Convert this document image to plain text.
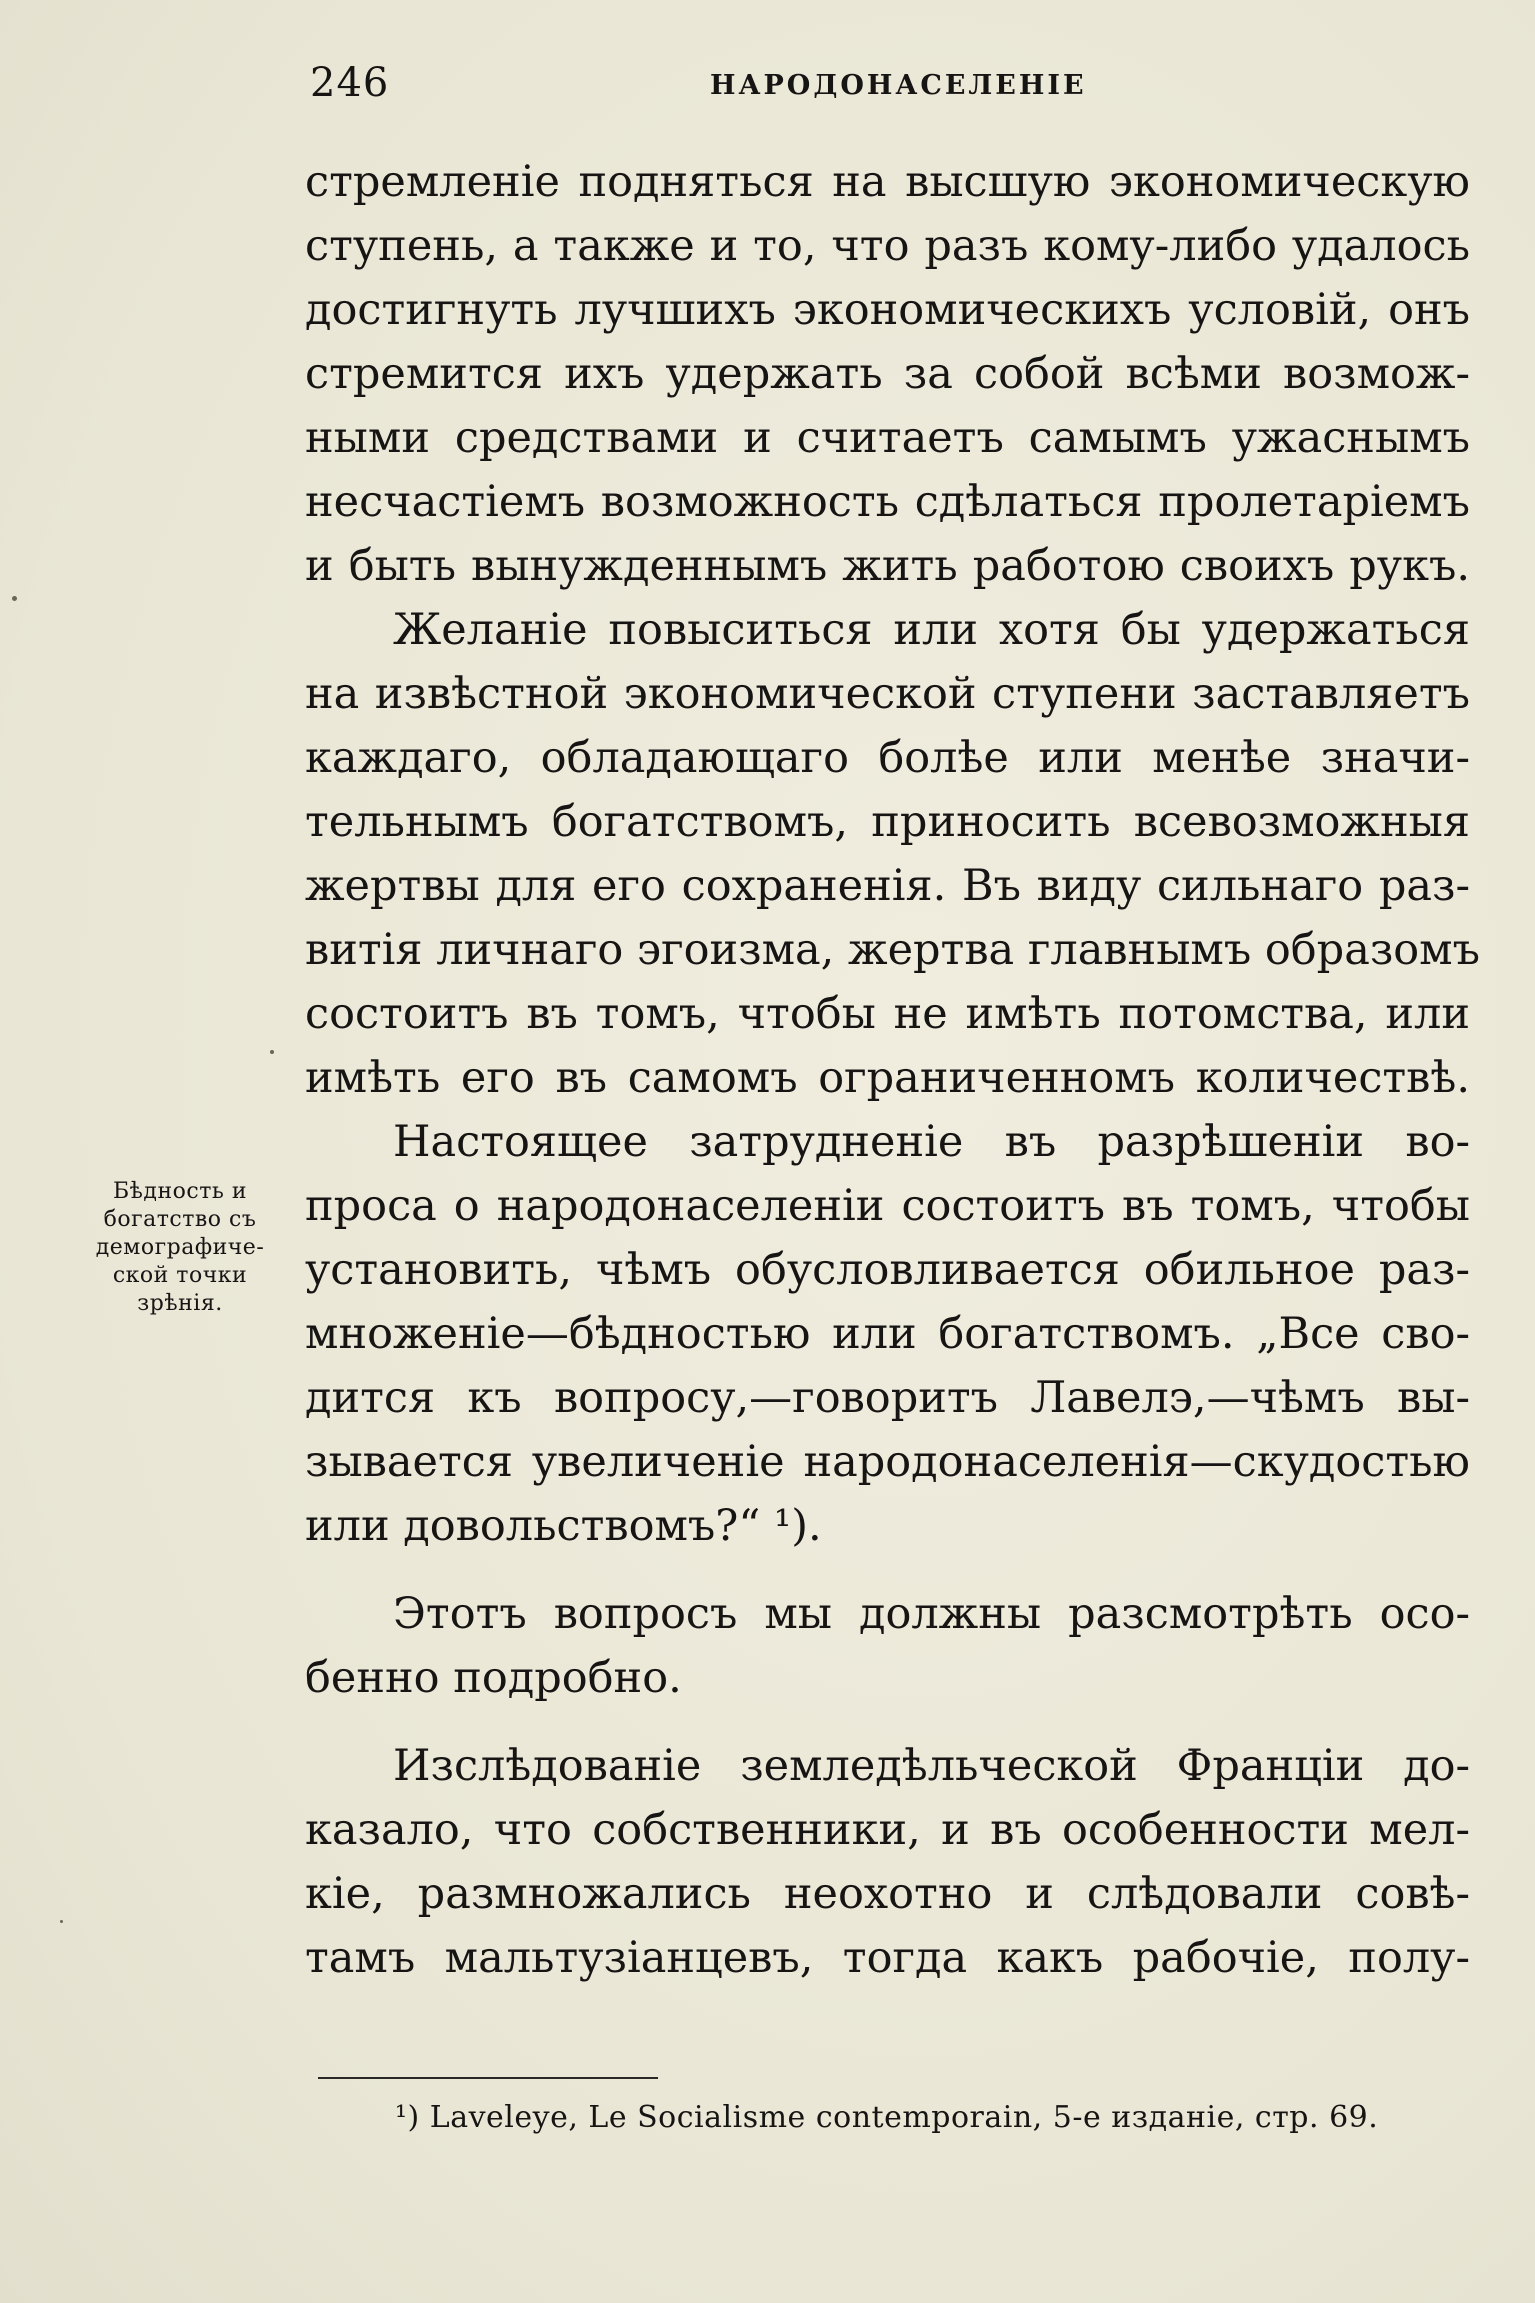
246	НАРОДОНАСЕЛЕНІЕ
Бѣдность и
богатство съ
демографиче-
ской точки
зрѣнія.
стремленіе подняться на высшую экономическую
ступень, а также и то, что разъ кому-либо удалось
достигнуть лучшихъ экономическихъ условій, онъ
стремится ихъ удержать за собой всѣми возмож-
ными средствами и считаетъ самымъ ужаснымъ
несчастіемъ возможность сдѣлаться пролетаріемъ
и быть вынужденнымъ жить работою своихъ рукъ.
Желаніе повыситься или хотя бы удержаться
на извѣстной экономической ступени заставляетъ
каждаго, обладающаго болѣе или менѣе значи-
тельнымъ богатствомъ, приносить всевозможныя
жертвы для его сохраненія. Въ виду сильнаго раз-
витія личнаго эгоизма, жертва главнымъ образомъ
состоитъ въ томъ, чтобы не имѣть потомства, или
имѣть его въ самомъ ограниченномъ количествѣ.
Настоящее затрудненіе въ разрѣшеніи во-
проса о народонаселеніи состоитъ въ томъ, чтобы
установить, чѣмъ обусловливается обильное раз-
множеніе—бѣдностью или богатствомъ. „Все сво-
дится къ вопросу,—говоритъ Лавелэ,—чѣмъ вы-
зывается увеличеніе народонаселенія—скудостью
или довольствомъ?“ ¹).
Этотъ вопросъ мы должны разсмотрѣть осо-
бенно подробно.
Изслѣдованіе земледѣльческой Франціи до-
казало, что собственники, и въ особенности мел-
кіе, размножались неохотно и слѣдовали совѣ-
тамъ мальтузіанцевъ, тогда какъ рабочіе, полу-
¹) Laveleye, Le Socialisme contemporain, 5-е изданіе, стр. 69.
